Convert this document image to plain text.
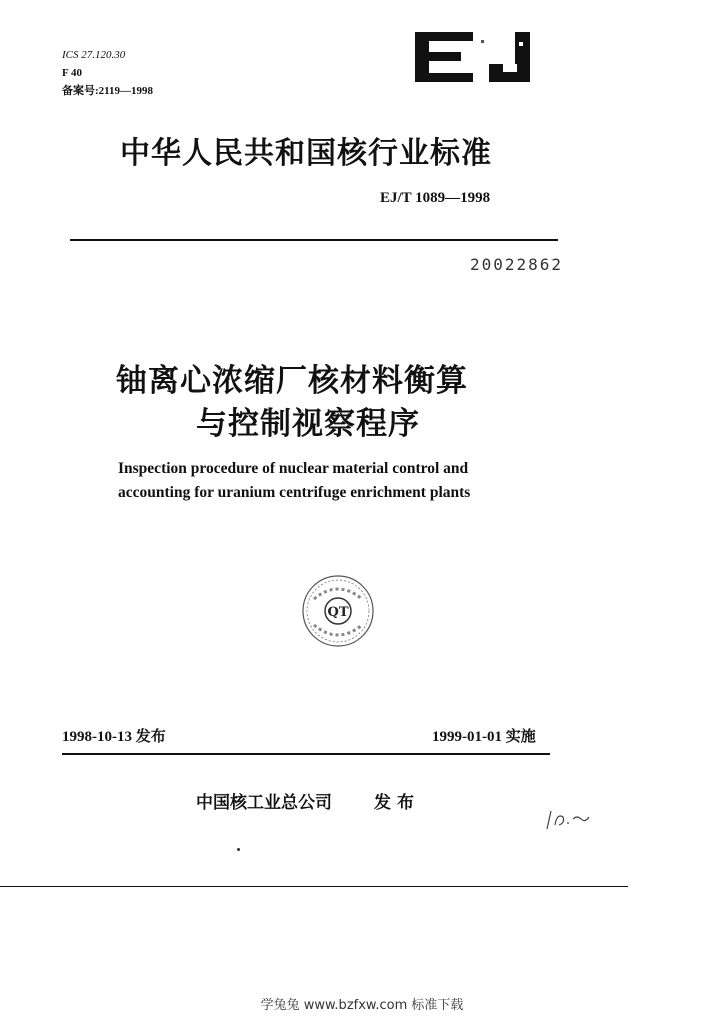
ICS 27.120.30
F 40
备案号:2119—1998
中华人民共和国核行业标准
EJ/T 1089—1998
20022862
铀离心浓缩厂核材料衡算
与控制视察程序
Inspection procedure of nuclear material control and
accounting for uranium centrifuge enrichment plants
QT
1998-10-13 发布	1999-01-01 实施
中国核工业总公司 发布
学兔兔 www.bzfxw.com 标准下载
